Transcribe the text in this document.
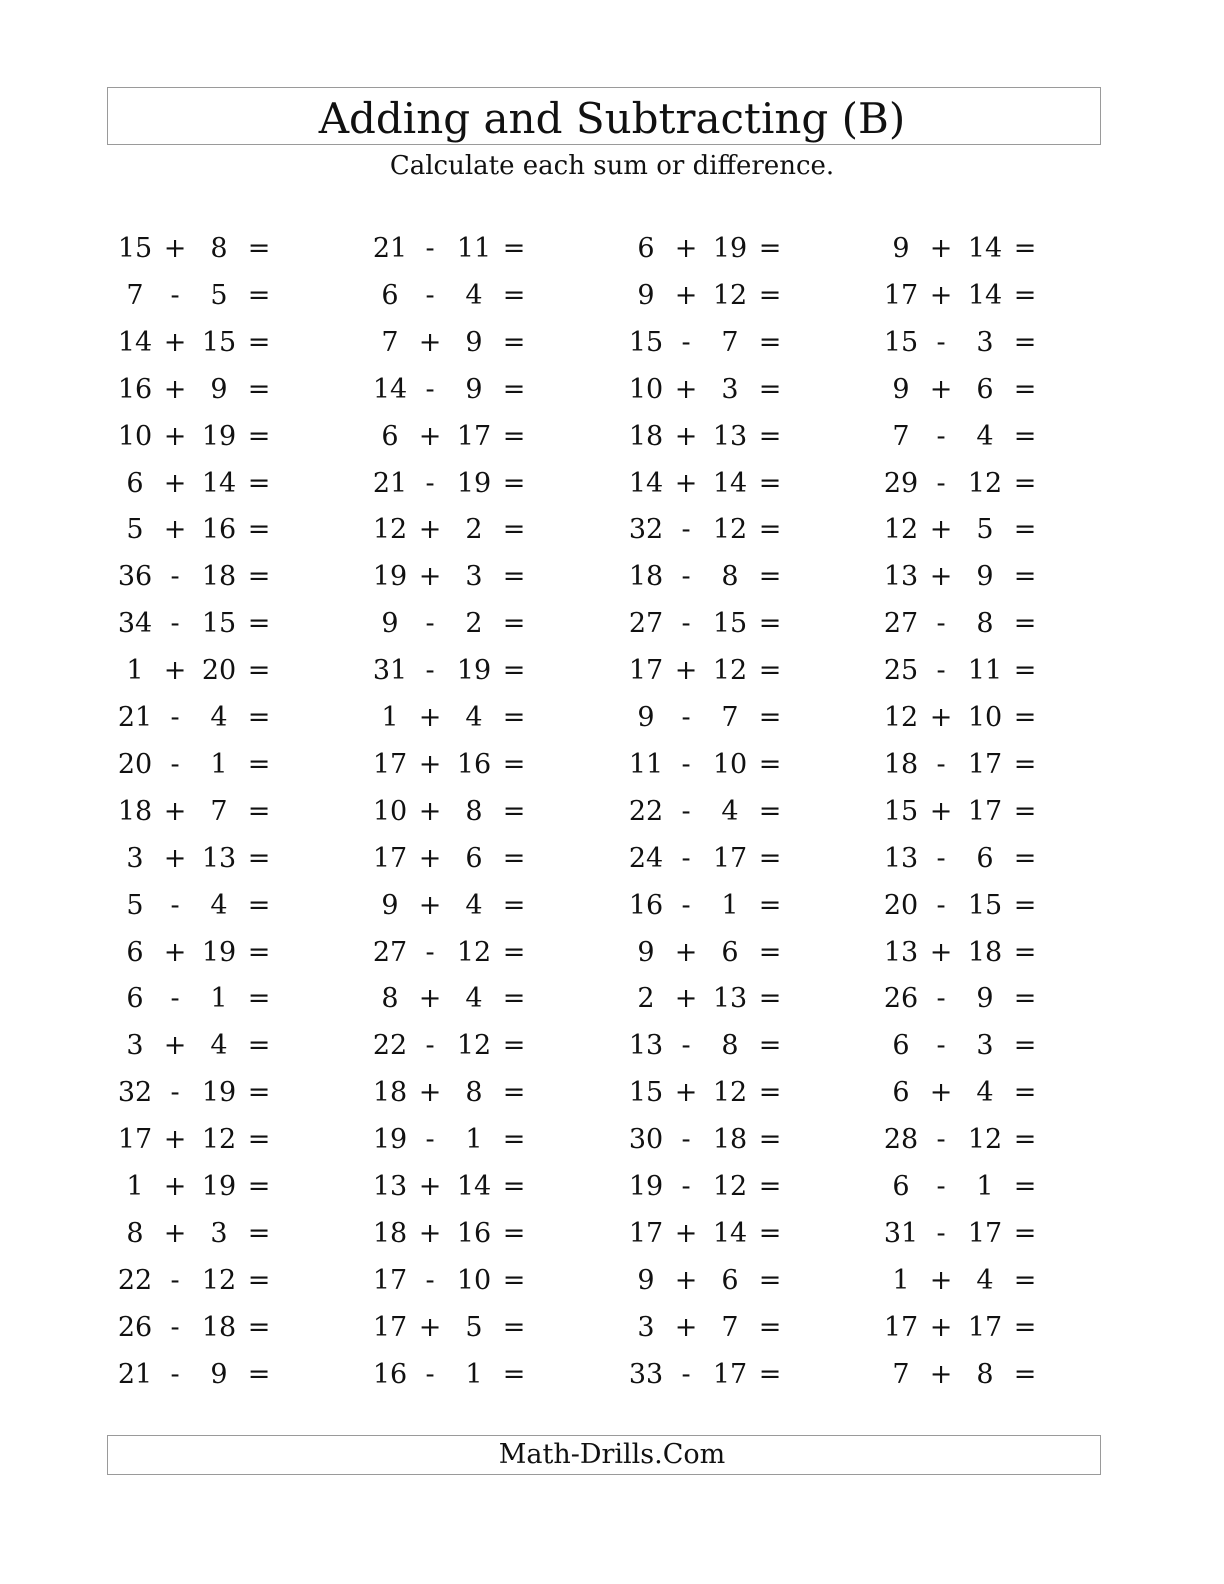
Adding and Subtracting (B)
Calculate each sum or difference.
15 + 8 =
7 -	5 =
14 + 15 =
16 + 9 =
10 + 19 =
6 + 14 =
5 + 16 =
36 - 18 =
34 - 15 =
1 + 20 =
21 -	4 =
20 -	1 =
18 + 7 =
3 + 13 =
5 -	4 =
6 + 19 =
6 -	1 =
3 + 4 =
32 - 19 =
17 + 12 =
1 + 19 =
8 + 3 =
22 - 12 =
26 - 18 =
21 -	9 =
21 - 11 =
6 -	4 =
7 + 9 =
14 -	9 =
6 + 17 =
21 - 19 =
12 + 2 =
19 + 3 =
9 -	2 =
31 - 19 =
1 + 4 =
17 + 16 =
10 + 8 =
17 + 6 =
9 + 4 =
27 - 12 =
8 + 4 =
22 - 12 =
18 + 8 =
19 -	1 =
13 + 14 =
18 + 16 =
17 - 10 =
17 + 5 =
16 -	1 =
6 + 19 =
9 + 12 =
15 -	7 =
10 + 3 =
18 + 13 =
14 + 14 =
32 - 12 =
18 -	8 =
27 - 15 =
17 + 12 =
9 -	7 =
11 - 10 =
22 -	4 =
24 - 17 =
16 -	1 =
9 + 6 =
2 + 13 =
13 -	8 =
15 + 12 =
30 - 18 =
19 - 12 =
17 + 14 =
9 + 6 =
3 + 7 =
33 - 17 =
9 + 14 =
17 + 14 =
15 -	3 =
9 + 6 =
7 -	4 =
29 - 12 =
12 + 5 =
13 + 9 =
27 -	8 =
25 - 11 =
12 + 10 =
18 - 17 =
15 + 17 =
13 -	6 =
20 - 15 =
13 + 18 =
26 -	9 =
6 -	3 =
6 + 4 =
28 - 12 =
6 -	1 =
31 - 17 =
1 + 4 =
17 + 17 =
7 + 8 =
Math-Drills.Com
